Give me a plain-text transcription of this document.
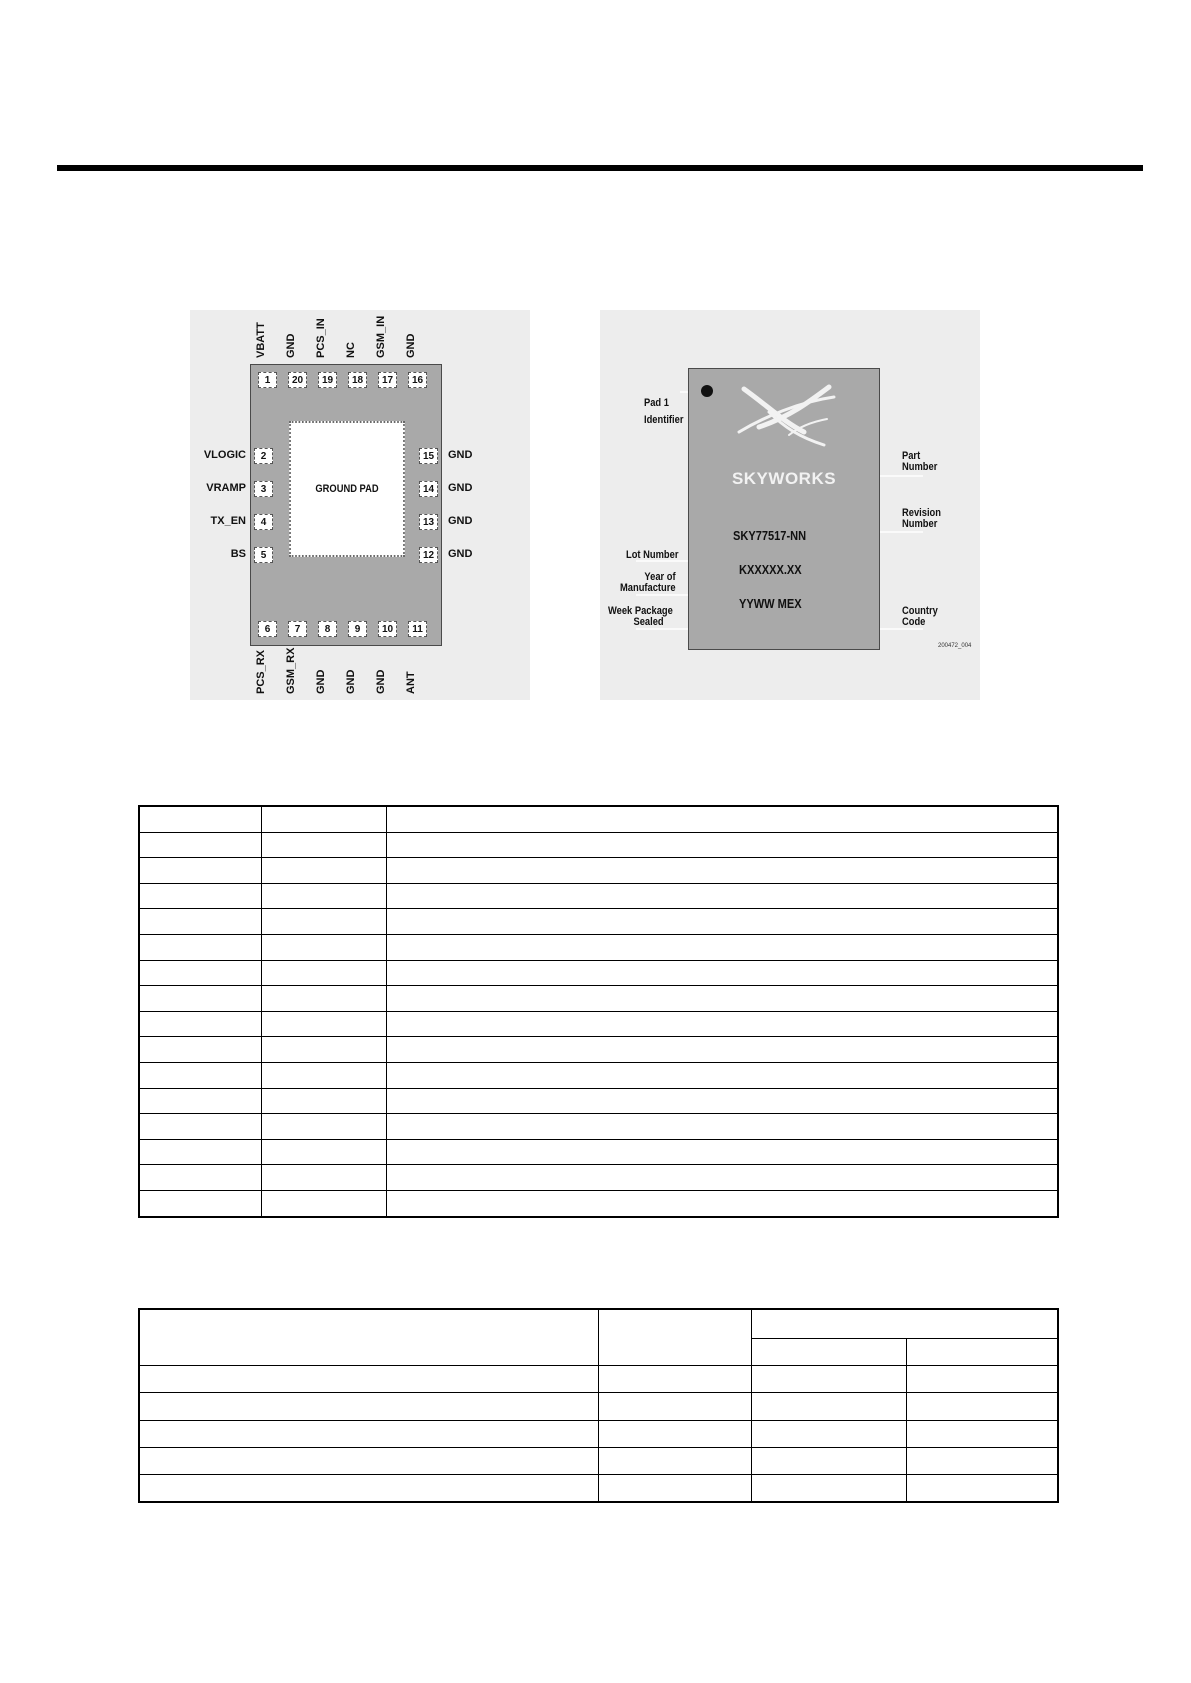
VBATT GND PCS_IN NC GSM_IN GND
VLOGIC
VRAMP
TX_EN
BS
GND
GND
GND
GND
PCS_RX GSM_RX GND GND GND ANT
1	20	19	18	17	16
2
3
4
5
15
14
13
12
6	7	8	9	10	11
GROUND PAD
SKYWORKS
SKY77517-NN
KXXXXX.XX
YYWW MEX
Pad 1
Identifier
Part
Number
Revision
Number
Lot Number
Year of
Manufacture
Week Package
Sealed
Country
Code
200472_004
